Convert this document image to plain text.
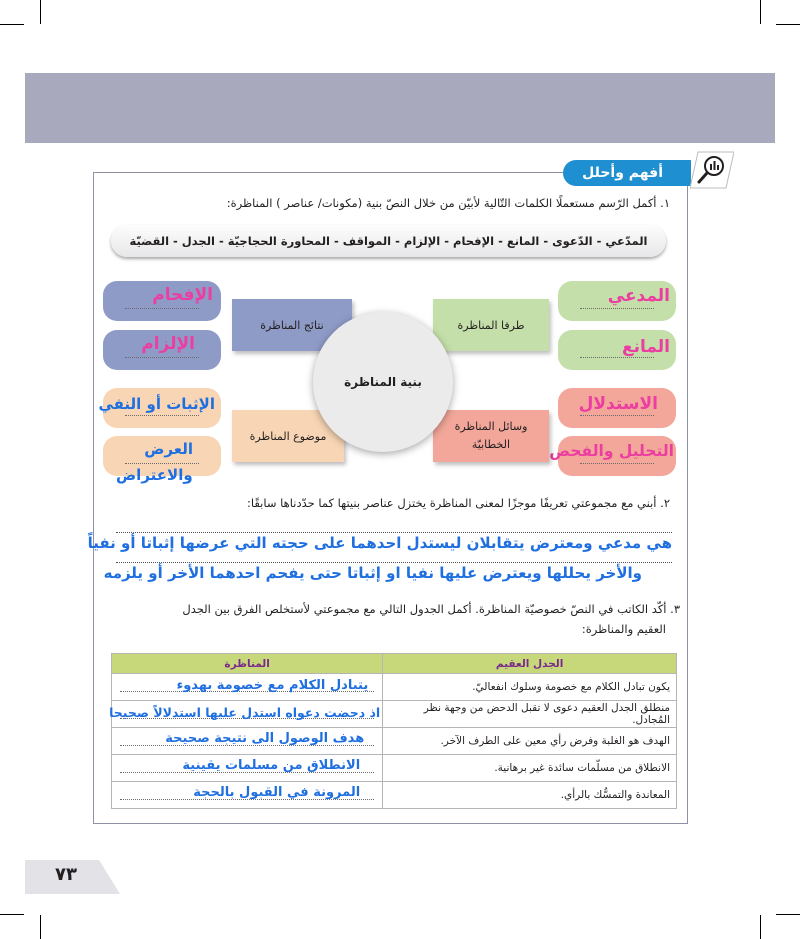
أفهم وأحلل
١. أكمل الرّسم مستعملًا الكلمات التّالية لأبيّن من خلال النصّ بنية (مكونات/ عناصر ) المناظرة:
المدّعي - الدّعوى - المانع - الإفحام - الإلزام - المواقف - المحاورة الحجاجيّة - الجدل - القضيّة
المدعي
المانع
الاستدلال
التحليل والفحص
الإفحام
الإلزام
الإثبات أو النفي
العرض
والاعتراض
نتائج المناظرة	طرفا المناظرة
موضوع المناظرة
وسائل المناظرة الخطابيّة
بنية المناظرة
٢. أبني مع مجموعتي تعريفًا موجزًا لمعنى المناظرة يختزل عناصر بنيتها كما حدّدناها سابقًا:
هي مدعي ومعترض يتقابلان ليستدل احدهما على حجته التي عرضها إثباتا أو نفياً
والأخر يحللها ويعترض عليها نفيا او إثباتا حتى يفحم احدهما الأخر أو يلزمه
٣. أكّد الكاتب في النصّ خصوصيّة المناظرة. أكمل الجدول التالي مع مجموعتي لأستخلص الفرق بين الجدل
العقيم والمناظرة:
الجدل العقيم	المناظرة
يكون تبادل الكلام مع خصومة وسلوك انفعاليّ.	يتبادل الكلام مع خصومة بهدوء

منطلق الجدل العقيم دعوى لا تقبل الدحض من وجهة نظر المُجادل.	اذ دحضت دعواه استدل عليها استدلالاً صحيحا

الهدف هو الغلبة وفرض رأي معين على الطرف الآخر.	هدف الوصول الى نتيجة صحيحة

الانطلاق من مسلّمات سائدة غير برهانية.	الانطلاق من مسلمات يقينية

المعاندة والتمسُّك بالرأي.	المرونة في القبول بالحجة
٧٣
